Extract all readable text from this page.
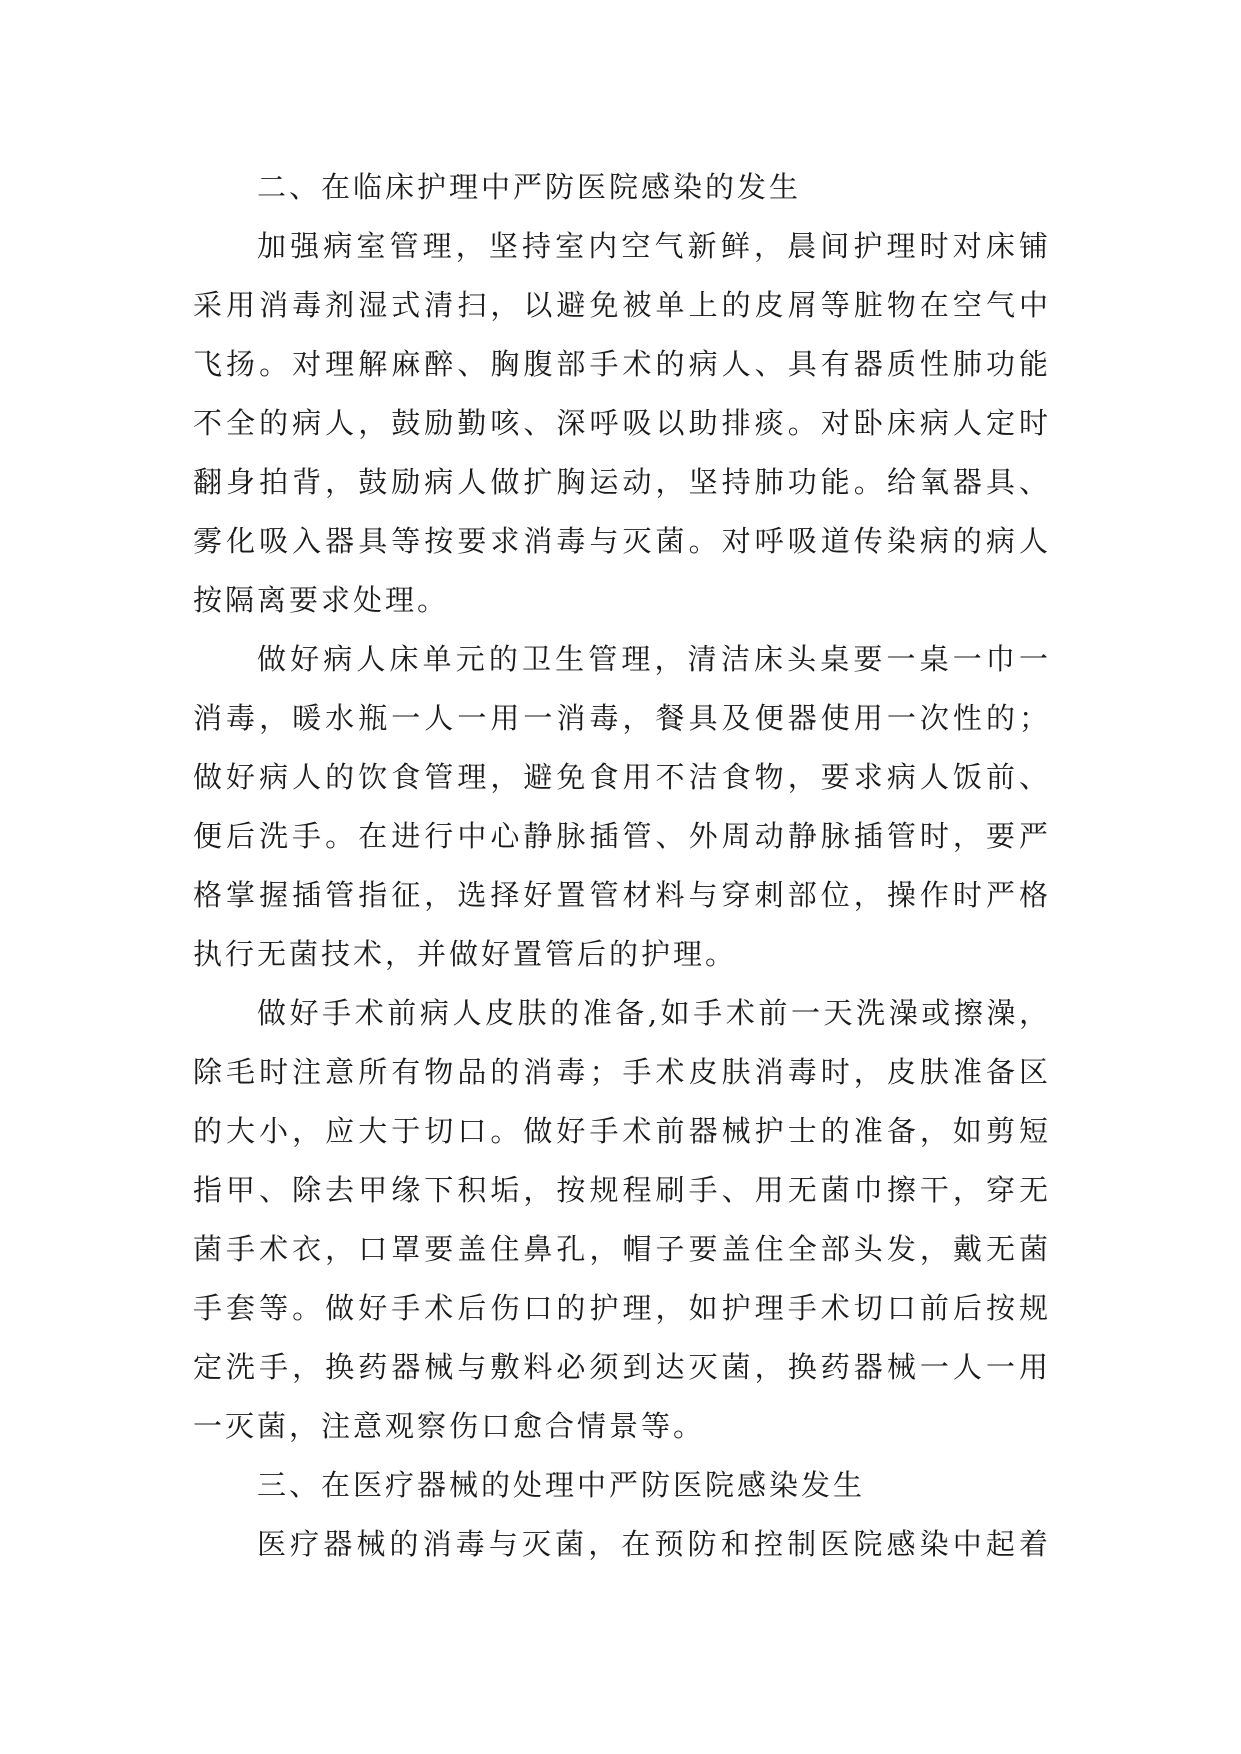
二、在临床护理中严防医院感染的发生
加强病室管理，坚持室内空气新鲜，晨间护理时对床铺
采用消毒剂湿式清扫，以避免被单上的皮屑等脏物在空气中
飞扬。对理解麻醉、胸腹部手术的病人、具有器质性肺功能
不全的病人，鼓励勤咳、深呼吸以助排痰。对卧床病人定时
翻身拍背，鼓励病人做扩胸运动，坚持肺功能。给氧器具、
雾化吸入器具等按要求消毒与灭菌。对呼吸道传染病的病人
按隔离要求处理。
做好病人床单元的卫生管理，清洁床头桌要一桌一巾一
消毒，暖水瓶一人一用一消毒，餐具及便器使用一次性的；
做好病人的饮食管理，避免食用不洁食物，要求病人饭前、
便后洗手。在进行中心静脉插管、外周动静脉插管时，要严
格掌握插管指征，选择好置管材料与穿刺部位，操作时严格
执行无菌技术，并做好置管后的护理。
做好手术前病人皮肤的准备,如手术前一天洗澡或擦澡，
除毛时注意所有物品的消毒；手术皮肤消毒时，皮肤准备区
的大小，应大于切口。做好手术前器械护士的准备，如剪短
指甲、除去甲缘下积垢，按规程刷手、用无菌巾擦干，穿无
菌手术衣，口罩要盖住鼻孔，帽子要盖住全部头发，戴无菌
手套等。做好手术后伤口的护理，如护理手术切口前后按规
定洗手，换药器械与敷料必须到达灭菌，换药器械一人一用
一灭菌，注意观察伤口愈合情景等。
三、在医疗器械的处理中严防医院感染发生
医疗器械的消毒与灭菌，在预防和控制医院感染中起着
